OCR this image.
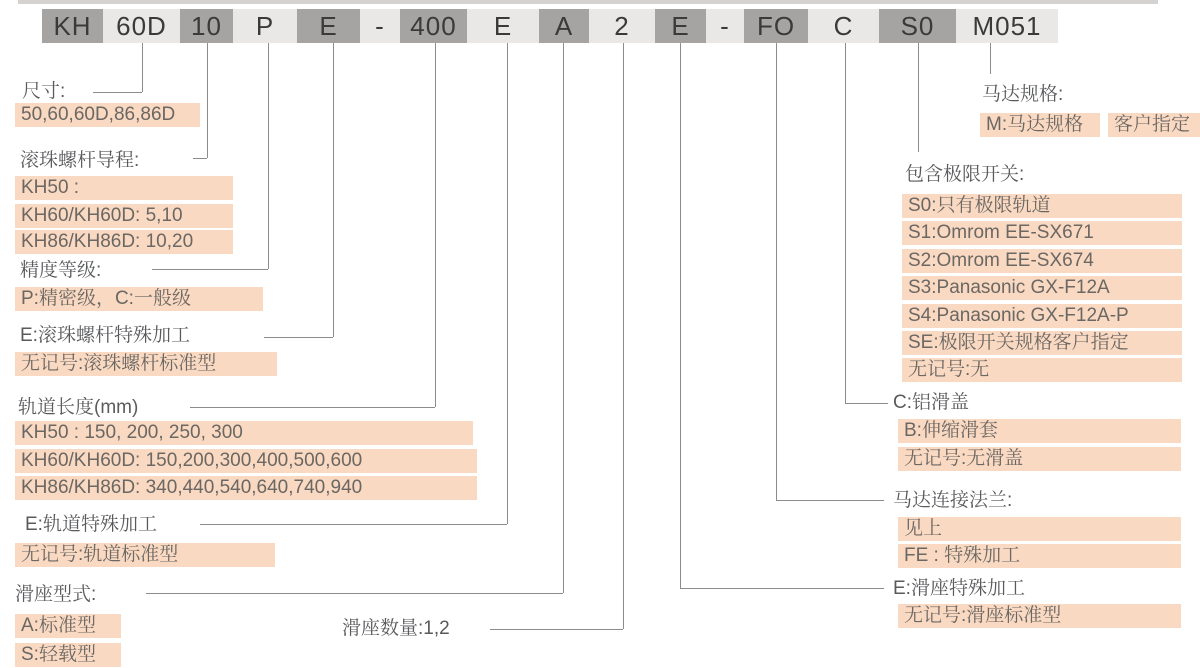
KH 60D 10	P	E	- 400	E	A	2	E	-	FO	C	S0	M051
尺寸:
50,60,60D,86,86D
滚珠螺杆导程:
KH50 :
KH60/KH60D: 5,10
KH86/KH86D: 10,20
精度等级:
P:精密级，C:一般级
E:滚珠螺杆特殊加工
无记号:滚珠螺杆标准型
轨道长度(mm)
KH50 : 150, 200, 250, 300
KH60/KH60D: 150,200,300,400,500,600
KH86/KH86D: 340,440,540,640,740,940
E:轨道特殊加工
无记号:轨道标准型
滑座型式:
A:标准型
S:轻载型
滑座数量:1,2
马达规格:
M:马达规格	客户指定
包含极限开关:
S0:只有极限轨道
S1:Omrom EE-SX671
S2:Omrom EE-SX674
S3:Panasonic GX-F12A
S4:Panasonic GX-F12A-P
SE:极限开关规格客户指定
无记号:无
C:铝滑盖
B:伸缩滑套
无记号:无滑盖
马达连接法兰:
见上
FE : 特殊加工
E:滑座特殊加工
无记号:滑座标准型
